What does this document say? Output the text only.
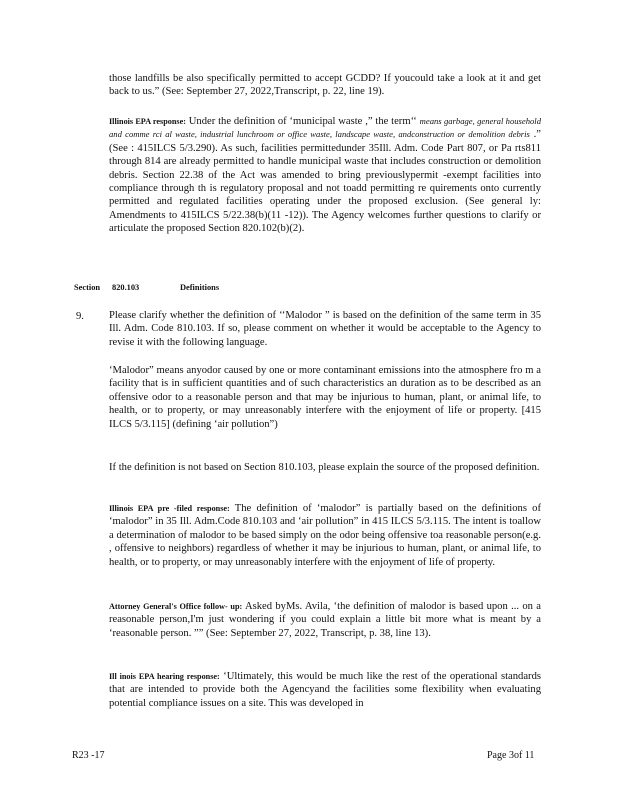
those landfills be also specifically permitted to accept GCDD? If youcould take a look at it and get back to us.” (See: September 27, 2022,Transcript, p. 22, line 19).

Illinois EPA response: Under the definition of ‘municipal waste ,” the term‘‘ means garbage, general household and comme rci al waste, industrial lunchroom or office waste, landscape waste, andconstruction or demolition debris .” (See : 415ILCS 5/3.290). As such, facilities permittedunder 35Ill. Adm. Code Part 807, or Pa rts811 through 814 are already permitted to handle municipal waste that includes construction or demolition debris. Section 22.38 of the Act was amended to bring previouslypermit -exempt facilities into compliance through th is regulatory proposal and not toadd permitting re quirements onto currently permitted and regulated facilities operating under the proposed exclusion. (See general ly: Amendments to 415ILCS 5/22.38(b)(11 -12)). The Agency welcomes further questions to clarify or articulate the proposed Section 820.102(b)(2).

Section 820.103	Definitions
9. Please clarify whether the definition of ‘‘Malodor ” is based on the definition of the same term in 35 Ill. Adm. Code 810.103. If so, please comment on whether it would be acceptable to the Agency to revise it with the following language.

‘Malodor” means anyodor caused by one or more contaminant emissions into the atmosphere fro m a facility that is in sufficient quantities and of such characteristics an duration as to be described as an offensive odor to a reasonable person and that may be injurious to human, plant, or animal life, to health, or to property, or may unreasonably interfere with the enjoyment of life or property. [415 ILCS 5/3.115] (defining ‘air pollution”)

If the definition is not based on Section 810.103, please explain the source of the proposed definition.

Illinois EPA pre -filed response: The definition of ‘malodor” is partially based on the definitions of ‘malodor” in 35 Ill. Adm.Code 810.103 and ‘air pollution” in 415 ILCS 5/3.115. The intent is toallow a determination of malodor to be based simply on the odor being offensive toa reasonable person(e.g. , offensive to neighbors) regardless of whether it may be injurious to human, plant, or animal life, to health, or to property, or may unreasonably interfere with the enjoyment of life of property.

Attorney General's Office follow- up: Asked byMs. Avila, ‘the definition of malodor is based upon ... on a reasonable person,I'm just wondering if you could explain a little bit more what is meant by a ‘reasonable person. ”” (See: September 27, 2022, Transcript, p. 38, line 13).

Ill inois EPA hearing response: ‘Ultimately, this would be much like the rest of the operational standards that are intended to provide both the Agencyand the facilities some flexibility when evaluating potential compliance issues on a site. This was developed in

R23 -17	Page 3of 11
